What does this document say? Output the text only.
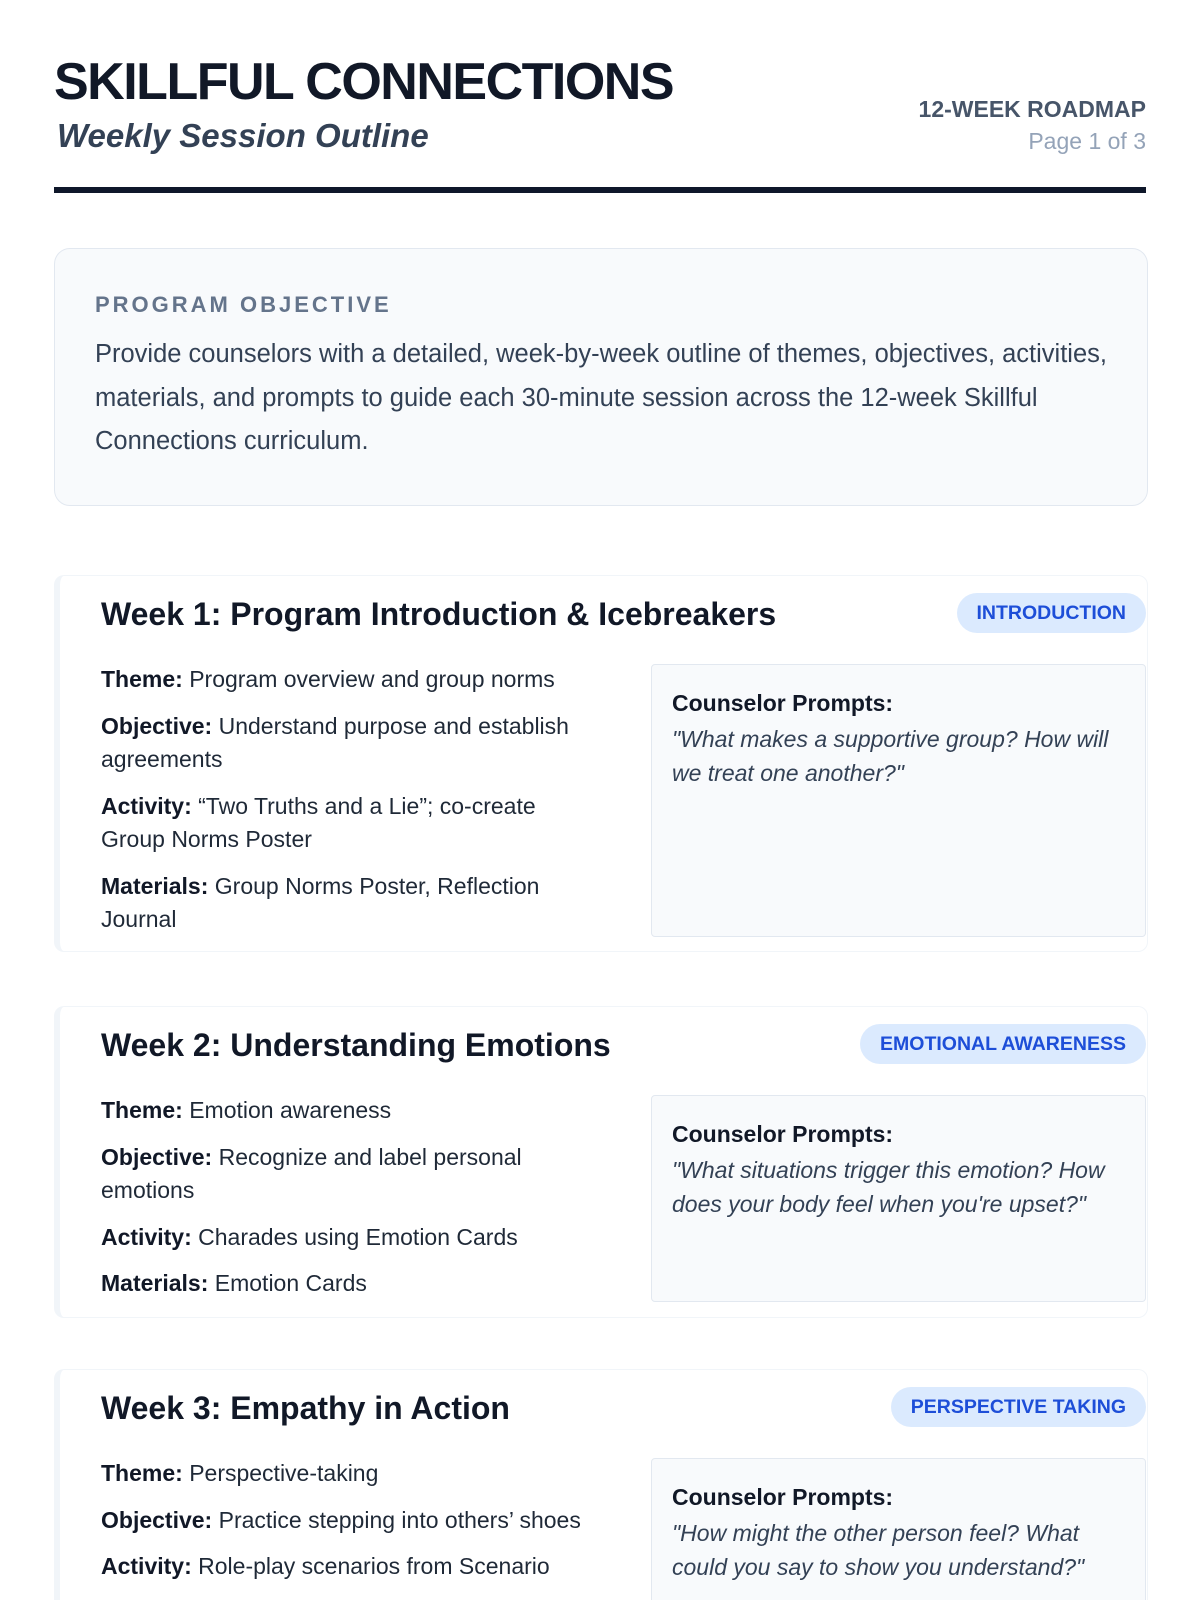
SKILLFUL CONNECTIONS
Weekly Session Outline
12-WEEK ROADMAP
Page 1 of 3
PROGRAM OBJECTIVE
Provide counselors with a detailed, week-by-week outline of themes, objectives, activities, materials, and prompts to guide each 30-minute session across the 12-week Skillful Connections curriculum.
Week 1: Program Introduction & Icebreakers	INTRODUCTION

Theme: Program overview and group norms

Objective: Understand purpose and establish agreements

Activity: “Two Truths and a Lie”; co-create Group Norms Poster

Materials: Group Norms Poster, Reflection Journal

Counselor Prompts:
"What makes a supportive group? How will we treat one another?"
Week 2: Understanding Emotions	EMOTIONAL AWARENESS

Theme: Emotion awareness

Objective: Recognize and label personal emotions

Activity: Charades using Emotion Cards

Materials: Emotion Cards

Counselor Prompts:
"What situations trigger this emotion? How does your body feel when you're upset?"
Week 3: Empathy in Action	PERSPECTIVE TAKING

Theme: Perspective-taking

Objective: Practice stepping into others’ shoes

Activity: Role-play scenarios from Scenario

Counselor Prompts:
"How might the other person feel? What could you say to show you understand?"
